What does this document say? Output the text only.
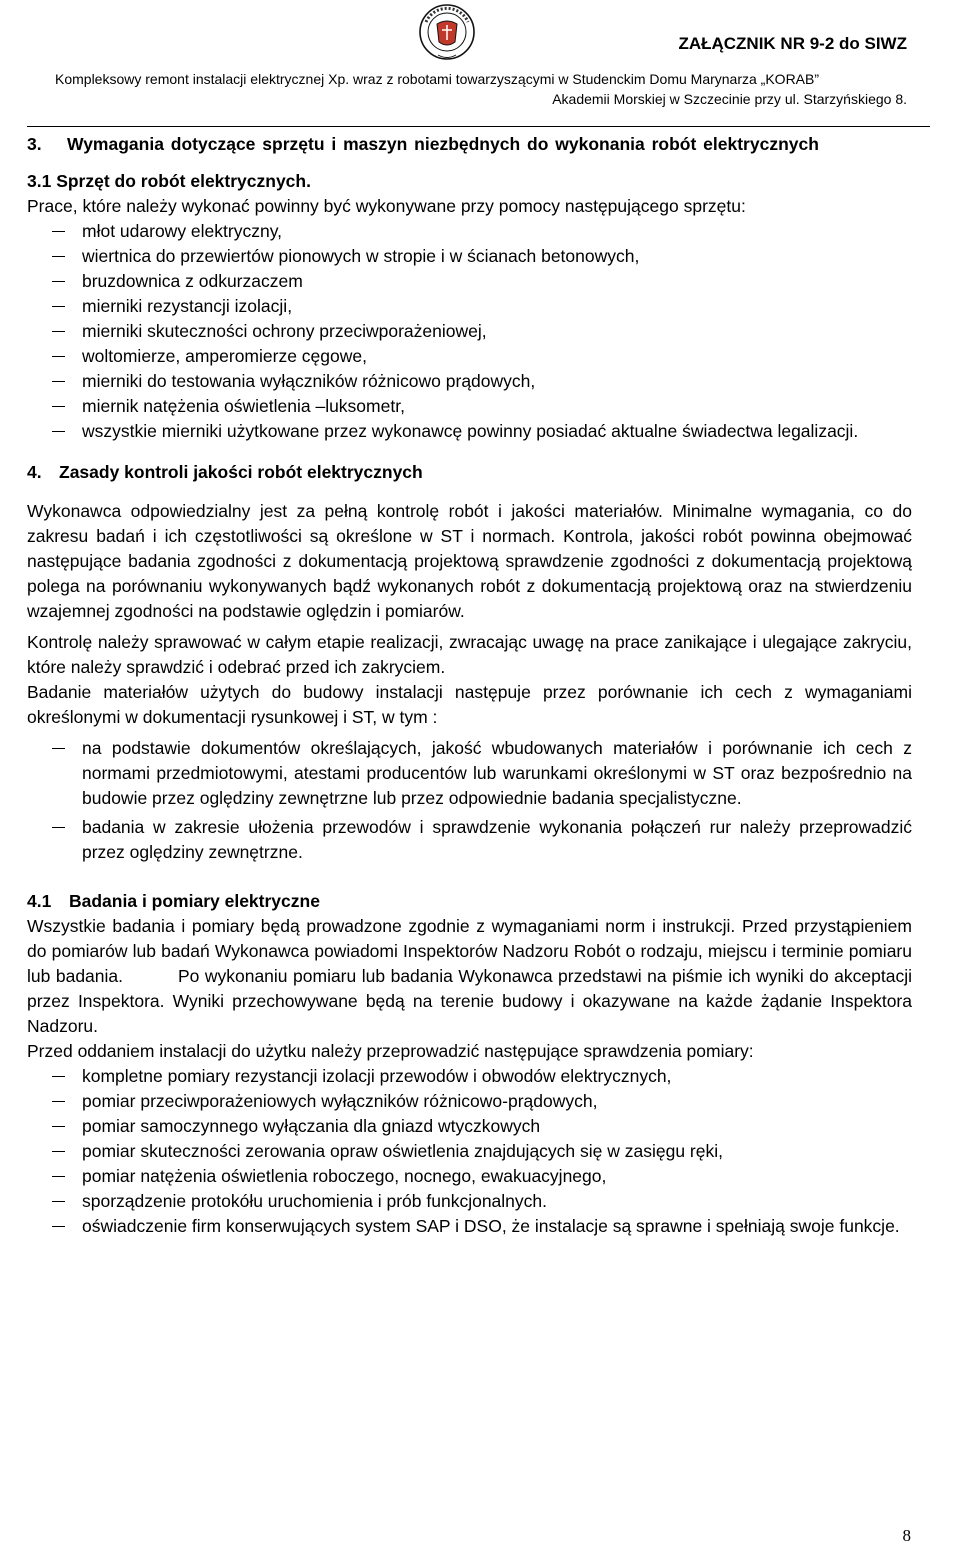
ZAŁĄCZNIK NR 9-2 do SIWZ
Kompleksowy remont instalacji elektrycznej Xp. wraz z robotami towarzyszącymi w Studenckim Domu Marynarza „KORAB”
Akademii Morskiej w Szczecinie przy ul. Starzyńskiego 8.
3.	Wymagania dotyczące sprzętu i maszyn niezbędnych do wykonania robót elektrycznych
3.1 Sprzęt do robót elektrycznych.

Prace, które należy wykonać powinny być wykonywane przy pomocy następującego sprzętu:

młot udarowy elektryczny,
wiertnica do przewiertów pionowych w stropie i w ścianach betonowych,
bruzdownica z odkurzaczem
mierniki rezystancji izolacji,
mierniki skuteczności ochrony przeciwporażeniowej,
woltomierze, amperomierze cęgowe,
mierniki do testowania wyłączników różnicowo prądowych,
miernik natężenia oświetlenia –luksometr,
wszystkie mierniki użytkowane przez wykonawcę powinny posiadać aktualne świadectwa legalizacji.
4. Zasady kontroli jakości robót elektrycznych

Wykonawca odpowiedzialny jest za pełną kontrolę robót i jakości materiałów. Minimalne wymagania, co do zakresu badań i ich częstotliwości są określone w ST i normach. Kontrola, jakości robót powinna obejmować następujące badania zgodności z dokumentacją projektową sprawdzenie zgodności z dokumentacją projektową polega na porównaniu wykonywanych bądź wykonanych robót z dokumentacją projektową oraz na stwierdzeniu wzajemnej zgodności na podstawie oględzin i pomiarów.

Kontrolę należy sprawować w całym etapie realizacji, zwracając uwagę na prace zanikające i ulegające zakryciu, które należy sprawdzić i odebrać przed ich zakryciem.

Badanie materiałów użytych do budowy instalacji następuje przez porównanie ich cech z wymaganiami określonymi w dokumentacji rysunkowej i ST, w tym :

na podstawie dokumentów określających, jakość wbudowanych materiałów i porównanie ich cech z normami przedmiotowymi, atestami producentów lub warunkami określonymi w ST oraz bezpośrednio na budowie przez oględziny zewnętrzne lub przez odpowiednie badania specjalistyczne.
badania w zakresie ułożenia przewodów i sprawdzenie wykonania połączeń rur należy przeprowadzić przez oględziny zewnętrzne.
4.1	Badania i pomiary elektryczne

Wszystkie badania i pomiary będą prowadzone zgodnie z wymaganiami norm i instrukcji. Przed przystąpieniem do pomiarów lub badań Wykonawca powiadomi Inspektorów Nadzoru Robót o rodzaju, miejscu i terminie pomiaru lub badania.          Po wykonaniu pomiaru lub badania Wykonawca przedstawi na piśmie ich wyniki do akceptacji przez Inspektora. Wyniki przechowywane będą na terenie budowy i okazywane na każde żądanie Inspektora Nadzoru.

Przed oddaniem instalacji do użytku należy przeprowadzić następujące sprawdzenia pomiary:

kompletne pomiary rezystancji izolacji przewodów i obwodów elektrycznych,
pomiar przeciwporażeniowych wyłączników różnicowo-prądowych,
pomiar samoczynnego wyłączania dla gniazd wtyczkowych
pomiar skuteczności zerowania opraw oświetlenia znajdujących się w zasięgu ręki,
pomiar natężenia oświetlenia roboczego, nocnego, ewakuacyjnego,
sporządzenie protokółu uruchomienia i prób funkcjonalnych.
oświadczenie firm konserwujących system SAP i DSO, że instalacje są sprawne i spełniają swoje funkcje.
8
